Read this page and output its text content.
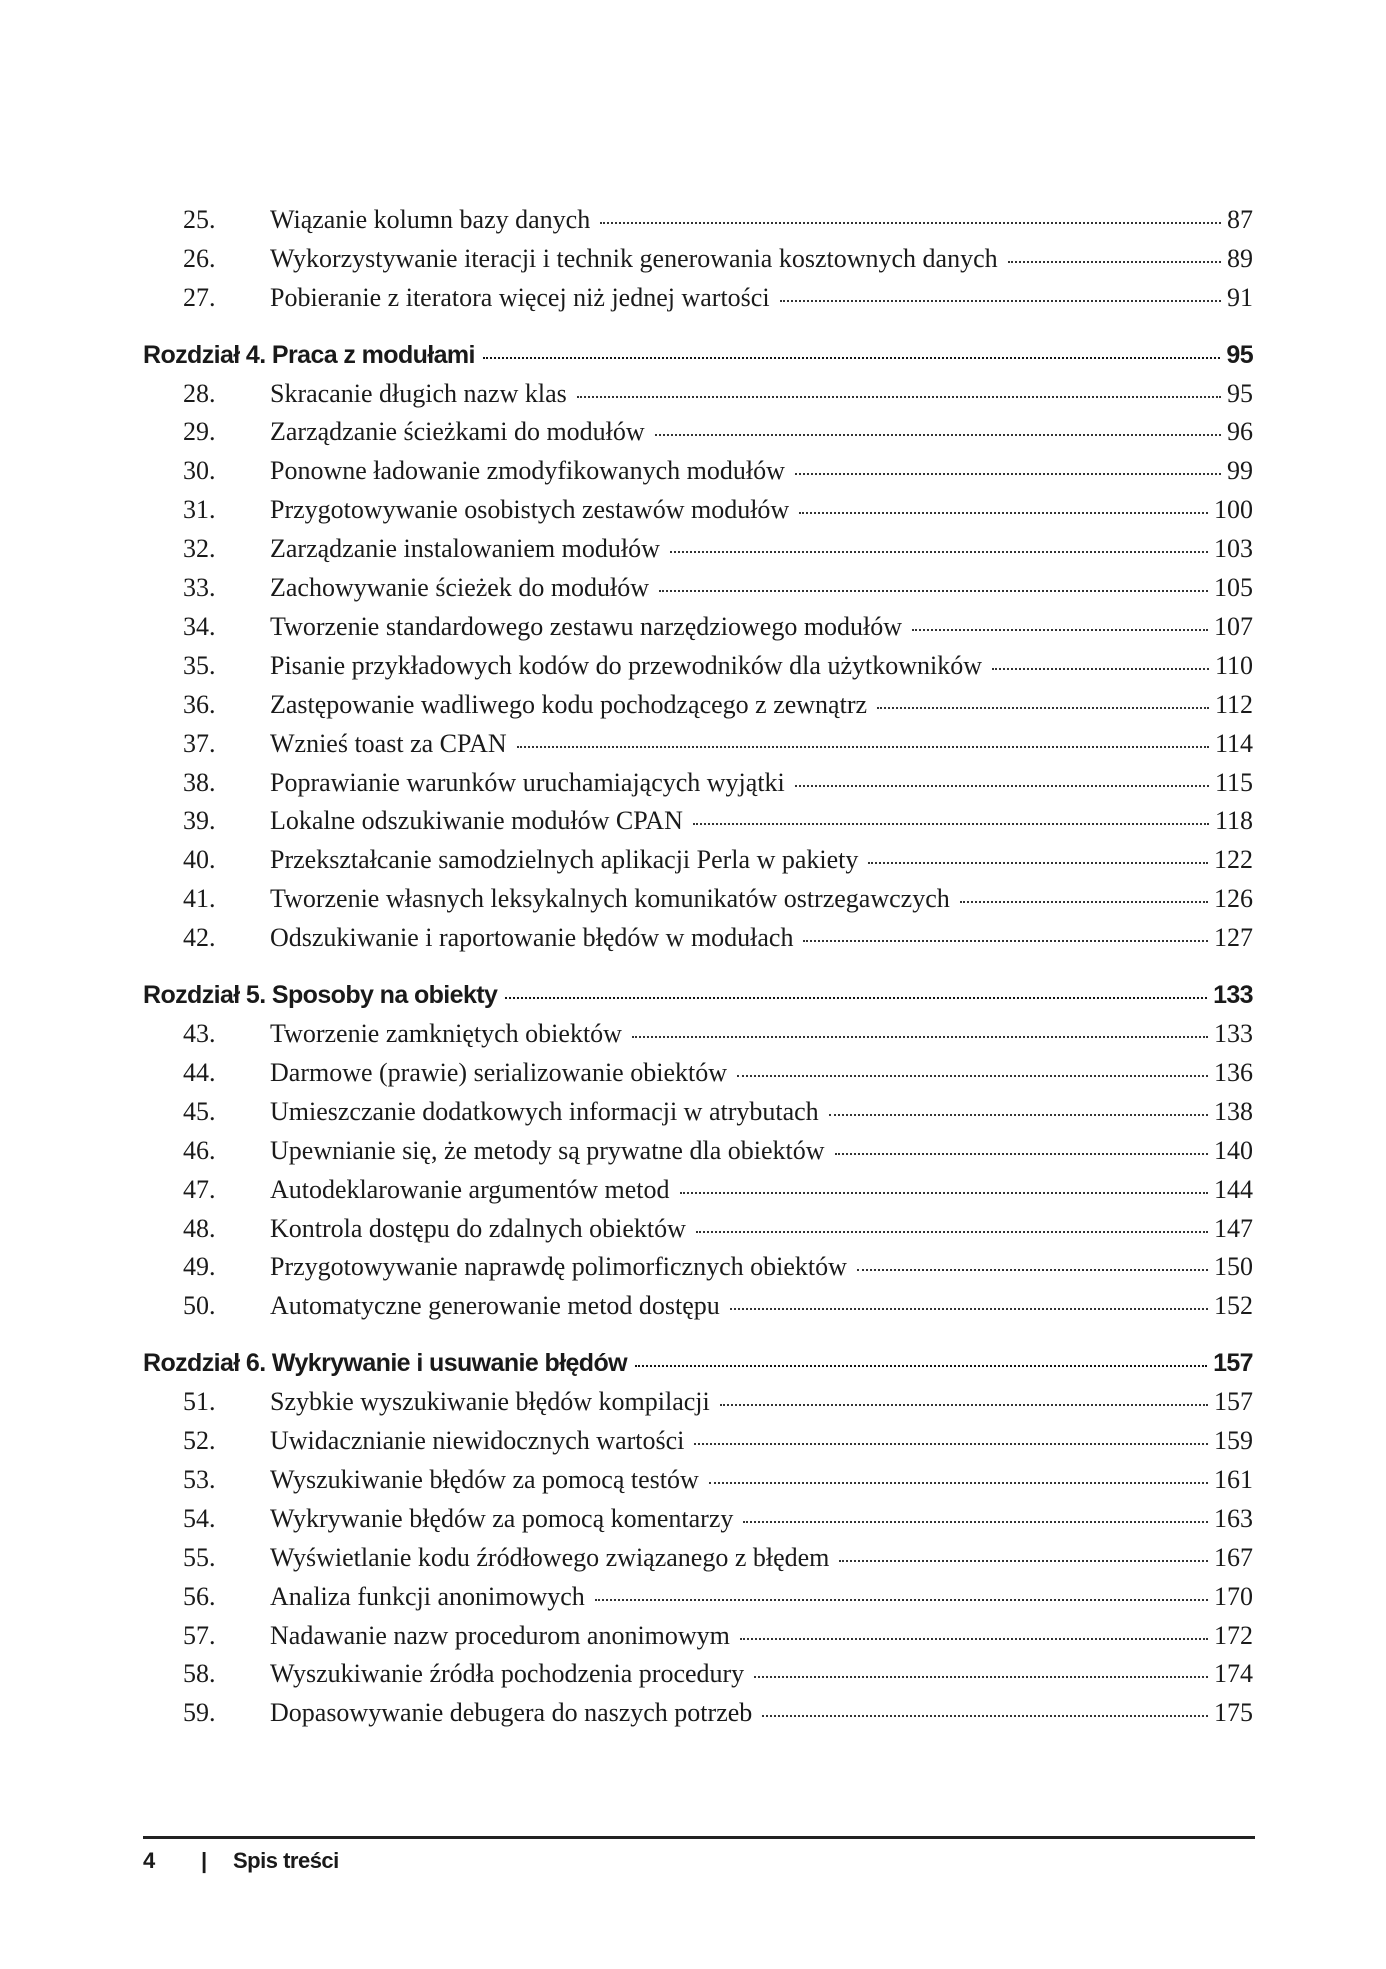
25.	Wiązanie kolumn bazy danych	87
26.	Wykorzystywanie iteracji i technik generowania kosztownych danych	89
27.	Pobieranie z iteratora więcej niż jednej wartości	91
Rozdział 4. Praca z modułami	95
28.	Skracanie długich nazw klas	95
29.	Zarządzanie ścieżkami do modułów	96
30.	Ponowne ładowanie zmodyfikowanych modułów	99
31.	Przygotowywanie osobistych zestawów modułów	100
32.	Zarządzanie instalowaniem modułów	103
33.	Zachowywanie ścieżek do modułów	105
34.	Tworzenie standardowego zestawu narzędziowego modułów	107
35.	Pisanie przykładowych kodów do przewodników dla użytkowników	110
36.	Zastępowanie wadliwego kodu pochodzącego z zewnątrz	112
37.	Wznieś toast za CPAN	114
38.	Poprawianie warunków uruchamiających wyjątki	115
39.	Lokalne odszukiwanie modułów CPAN	118
40.	Przekształcanie samodzielnych aplikacji Perla w pakiety	122
41.	Tworzenie własnych leksykalnych komunikatów ostrzegawczych	126
42.	Odszukiwanie i raportowanie błędów w modułach	127
Rozdział 5. Sposoby na obiekty	133
43.	Tworzenie zamkniętych obiektów	133
44.	Darmowe (prawie) serializowanie obiektów	136
45.	Umieszczanie dodatkowych informacji w atrybutach	138
46.	Upewnianie się, że metody są prywatne dla obiektów	140
47.	Autodeklarowanie argumentów metod	144
48.	Kontrola dostępu do zdalnych obiektów	147
49.	Przygotowywanie naprawdę polimorficznych obiektów	150
50.	Automatyczne generowanie metod dostępu	152
Rozdział 6. Wykrywanie i usuwanie błędów	157
51.	Szybkie wyszukiwanie błędów kompilacji	157
52.	Uwidacznianie niewidocznych wartości	159
53.	Wyszukiwanie błędów za pomocą testów	161
54.	Wykrywanie błędów za pomocą komentarzy	163
55.	Wyświetlanie kodu źródłowego związanego z błędem	167
56.	Analiza funkcji anonimowych	170
57.	Nadawanie nazw procedurom anonimowym	172
58.	Wyszukiwanie źródła pochodzenia procedury	174
59.	Dopasowywanie debugera do naszych potrzeb	175
4	|	Spis treści
